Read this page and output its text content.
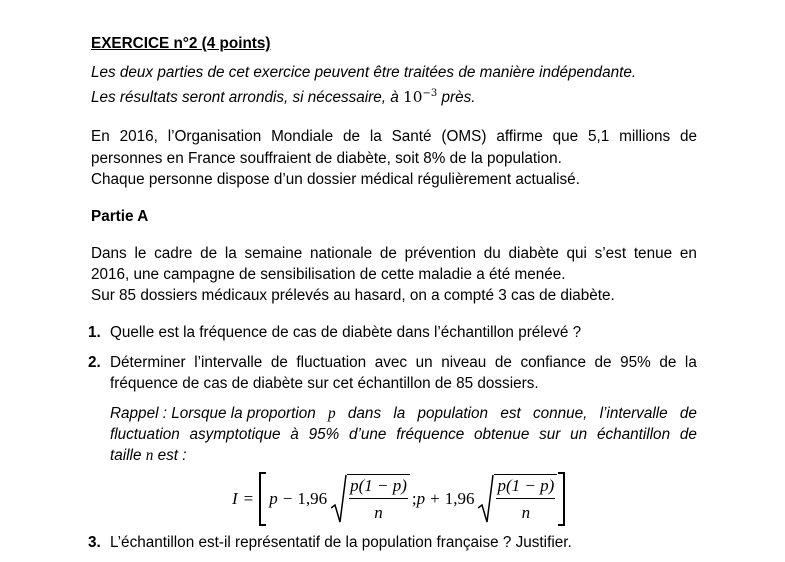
EXERCICE n°2 (4 points)
Les deux parties de cet exercice peuvent être traitées de manière indépendante.
Les résultats seront arrondis, si nécessaire, à $10^{-3}$ près.
En 2016, l’Organisation Mondiale de la Santé (OMS) affirme que 5,1 millions de
personnes en France souffraient de diabète, soit 8% de la population.
Chaque personne dispose d’un dossier médical régulièrement actualisé.
Partie A
Dans le cadre de la semaine nationale de prévention du diabète qui s’est tenue en
2016, une campagne de sensibilisation de cette maladie a été menée.
Sur 85 dossiers médicaux prélevés au hasard, on a compté 3 cas de diabète.
1. Quelle est la fréquence de cas de diabète dans l’échantillon prélevé ?
2. Déterminer l’intervalle de fluctuation avec un niveau de confiance de 95% de la
fréquence de cas de diabète sur cet échantillon de 85 dossiers.
Rappel : Lorsque la proportion p dans la population est connue, l’intervalle de
fluctuation asymptotique à 95% d’une fréquence obtenue sur un échantillon de
taille n est :
$I = p - 1,96 \frac{p(1 - p)}{n}$ ; $p + 1,96 \frac{p(1 - p)}{n}$
3. L’échantillon est-il représentatif de la population française ? Justifier.
